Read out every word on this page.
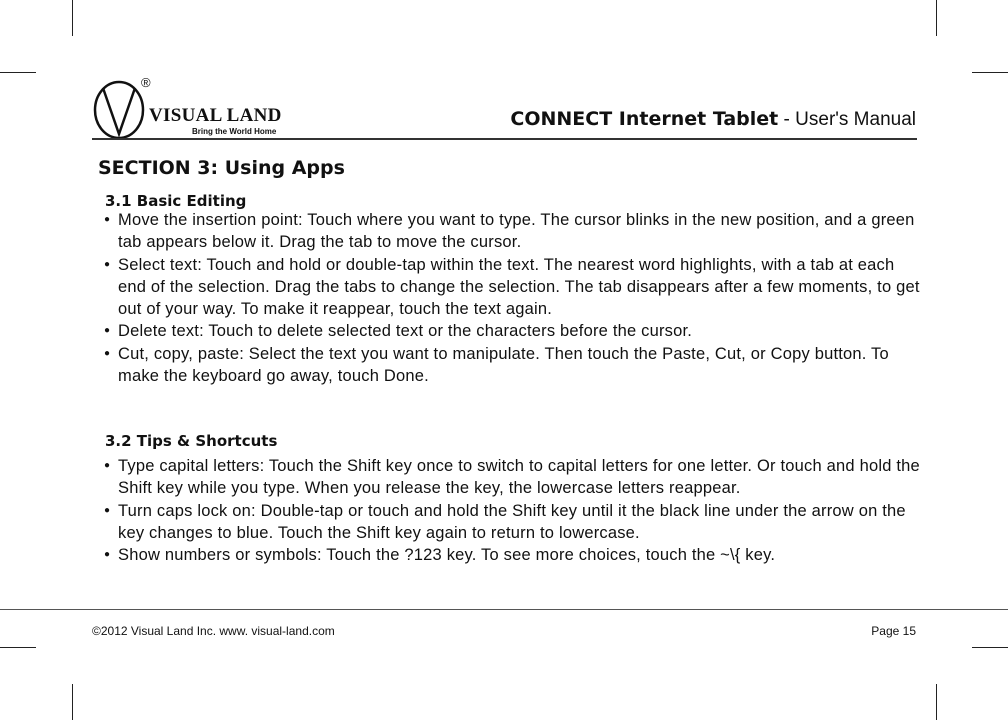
®
VISUAL LAND
Bring the World Home
CONNECT Internet Tablet - User's Manual
SECTION 3: Using Apps
3.1 Basic Editing
● Move the insertion point: Touch where you want to type. The cursor blinks in the new position, and a green tab appears below it. Drag the tab to move the cursor.
● Select text: Touch and hold or double-tap within the text. The nearest word highlights, with a tab at each end of the selection. Drag the tabs to change the selection. The tab disappears after a few moments, to get out of your way. To make it reappear, touch the text again.
● Delete text: Touch to delete selected text or the characters before the cursor.
● Cut, copy, paste: Select the text you want to manipulate. Then touch the Paste, Cut, or Copy button. To make the keyboard go away, touch Done.
3.2 Tips & Shortcuts
● Type capital letters: Touch the Shift key once to switch to capital letters for one letter. Or touch and hold the Shift key while you type. When you release the key, the lowercase letters reappear.
● Turn caps lock on: Double-tap or touch and hold the Shift key until it the black line under the arrow on the key changes to blue. Touch the Shift key again to return to lowercase.
● Show numbers or symbols: Touch the ?123 key. To see more choices, touch the ~\{ key.
©2012 Visual Land Inc. www. visual-land.com	Page 15
